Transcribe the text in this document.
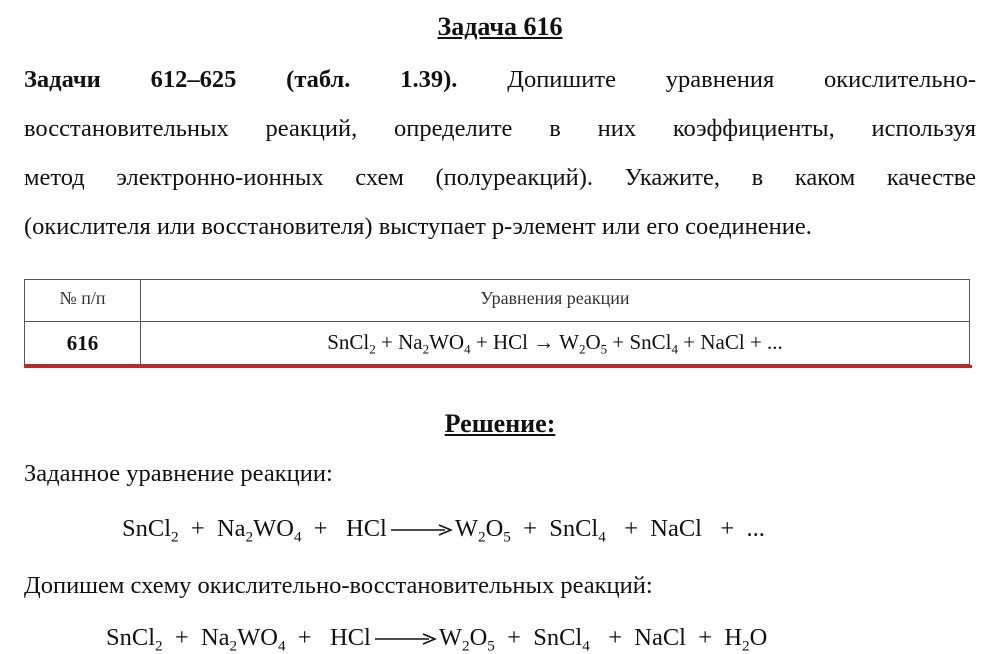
Задача 616
Задачи 612–625 (табл. 1.39). Допишите уравнения окислительно-
восстановительных реакций, определите в них коэффициенты, используя
метод электронно-ионных схем (полуреакций). Укажите, в каком качестве
(окислителя или восстановителя) выступает p-элемент или его соединение.
№ п/п	Уравнения реакции
616	SnCl$_2$ + $Na_2WO_4$ + HCl → $W_2O_5$ + SnCl$_4$ + NaCl + ...
Решение:
Заданное уравнение реакции:
SnCl$_2$ + $Na_2WO_4$ + HCl → $W_2O_5$ + SnCl$_4$ + NaCl + ...
Допишем схему окислительно-восстановительных реакций:
SnCl$_2$ + $Na_2WO_4$ + HCl → $W_2O_5$ + SnCl$_4$ + NaCl + $H_2O$
